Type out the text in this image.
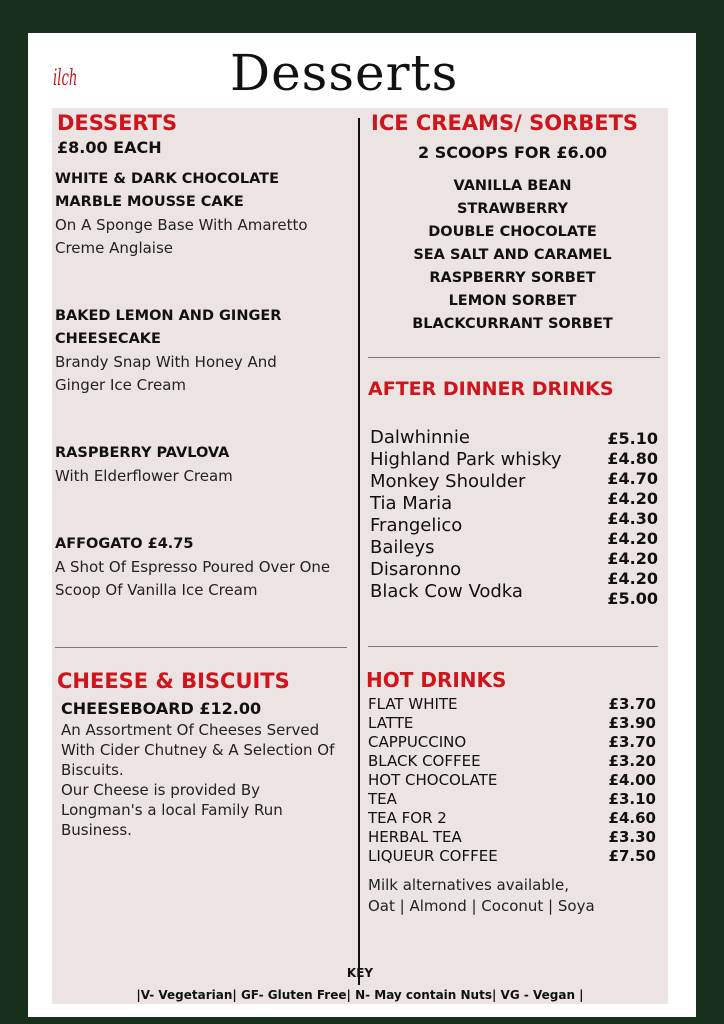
ilch	Desserts
DESSERTS
£8.00 EACH
WHITE & DARK CHOCOLATE
MARBLE MOUSSE CAKE
On A Sponge Base With Amaretto
Creme Anglaise
BAKED LEMON AND GINGER
CHEESECAKE
Brandy Snap With Honey And
Ginger Ice Cream
RASPBERRY PAVLOVA
With Elderflower Cream
AFFOGATO £4.75
A Shot Of Espresso Poured Over One
Scoop Of Vanilla Ice Cream
CHEESE & BISCUITS
CHEESEBOARD £12.00
An Assortment Of Cheeses Served
With Cider Chutney & A Selection Of
Biscuits.
Our Cheese is provided By
Longman's a local Family Run
Business.
ICE CREAMS/ SORBETS
2 SCOOPS FOR £6.00
VANILLA BEAN
STRAWBERRY
DOUBLE CHOCOLATE
SEA SALT AND CARAMEL
RASPBERRY SORBET
LEMON SORBET
BLACKCURRANT SORBET
AFTER DINNER DRINKS
Dalwhinnie
Highland Park whisky
Monkey Shoulder
Tia Maria
Frangelico
Baileys
Disaronno
Black Cow Vodka
£5.10
£4.80
£4.70
£4.20
£4.30
£4.20
£4.20
£4.20
£5.00
HOT DRINKS
FLAT WHITE
LATTE
CAPPUCCINO
BLACK COFFEE
HOT CHOCOLATE
TEA
TEA FOR 2
HERBAL TEA
LIQUEUR COFFEE
£3.70
£3.90
£3.70
£3.20
£4.00
£3.10
£4.60
£3.30
£7.50
Milk alternatives available,
Oat | Almond | Coconut | Soya
KEY
|V- Vegetarian| GF- Gluten Free| N- May contain Nuts| VG - Vegan |
